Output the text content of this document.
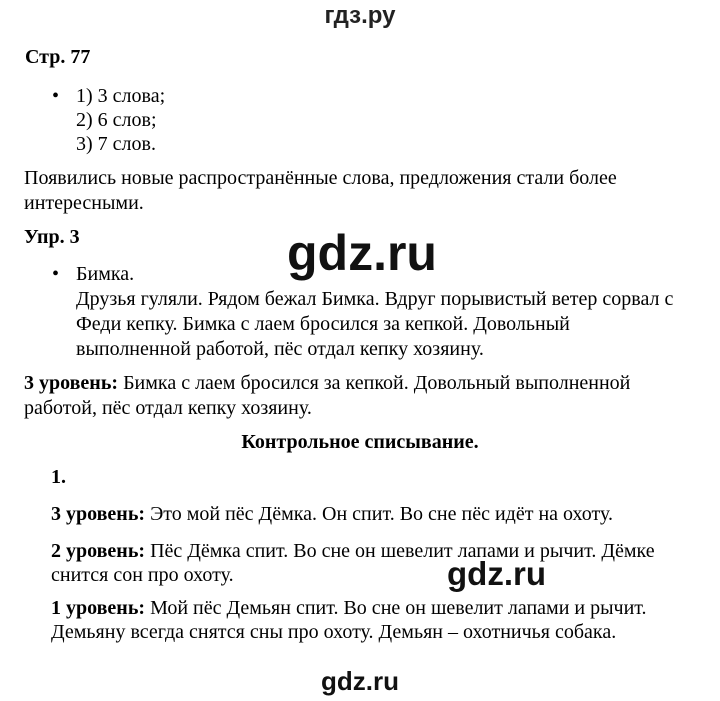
гдз.ру
Стр. 77
• 1) 3 слова;
2) 6 слов;
3) 7 слов.
Появились новые распространённые слова, предложения стали более
интересными.
Упр. 3	gdz.ru
• Бимка.
Друзья гуляли. Рядом бежал Бимка. Вдруг порывистый ветер сорвал с
Феди кепку. Бимка с лаем бросился за кепкой. Довольный
выполненной работой, пёс отдал кепку хозяину.
3 уровень: Бимка с лаем бросился за кепкой. Довольный выполненной
работой, пёс отдал кепку хозяину.
Контрольное списывание.
1.
3 уровень: Это мой пёс Дёмка. Он спит. Во сне пёс идёт на охоту.
2 уровень: Пёс Дёмка спит. Во сне он шевелит лапами и рычит. Дёмке
снится сон про охоту.	gdz.ru
1 уровень: Мой пёс Демьян спит. Во сне он шевелит лапами и рычит.
Демьяну всегда снятся сны про охоту. Демьян – охотничья собака.
gdz.ru
